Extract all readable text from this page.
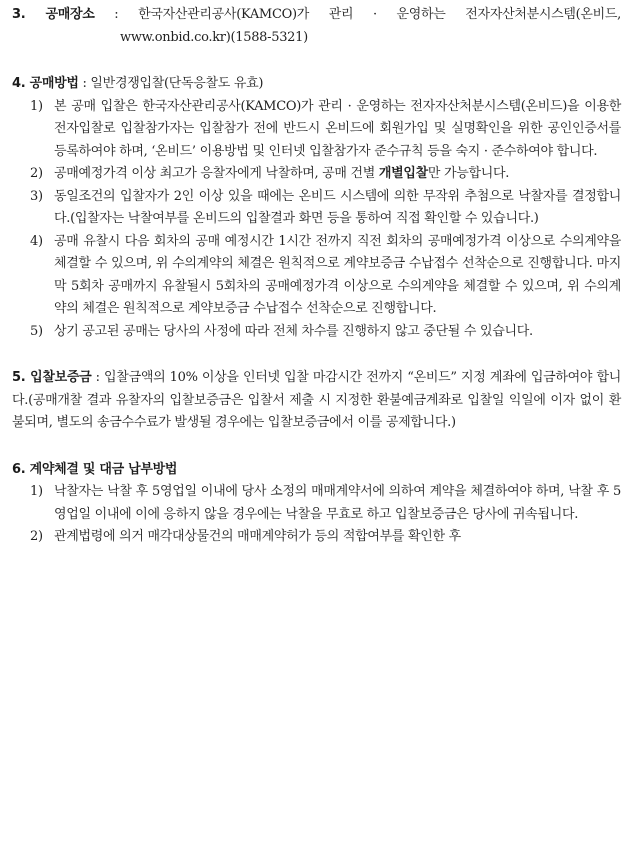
3. 공매장소 : 한국자산관리공사(KAMCO)가 관리 · 운영하는 전자자산처분시스템(온비드, www.onbid.co.kr)(1588-5321)
4. 공매방법 : 일반경쟁입찰(단독응찰도 유효)
1) 본 공매 입찰은 한국자산관리공사(KAMCO)가 관리 · 운영하는 전자자산처분시스템(온비드)을 이용한 전자입찰로 입찰참가자는 입찰참가 전에 반드시 온비드에 회원가입 및 실명확인을 위한 공인인증서를 등록하여야 하며, ‘온비드’ 이용방법 및 인터넷 입찰참가자 준수규칙 등을 숙지 · 준수하여야 합니다.
2) 공매예정가격 이상 최고가 응찰자에게 낙찰하며, 공매 건별 개별입찰만 가능합니다.
3) 동일조건의 입찰자가 2인 이상 있을 때에는 온비드 시스템에 의한 무작위 추첨으로 낙찰자를 결정합니다.(입찰자는 낙찰여부를 온비드의 입찰결과 화면 등을 통하여 직접 확인할 수 있습니다.)
4) 공매 유찰시 다음 회차의 공매 예정시간 1시간 전까지 직전 회차의 공매예정가격 이상으로 수의계약을 체결할 수 있으며, 위 수의계약의 체결은 원칙적으로 계약보증금 수납접수 선착순으로 진행합니다. 마지막 5회차 공매까지 유찰될시 5회차의 공매예정가격 이상으로 수의계약을 체결할 수 있으며, 위 수의계약의 체결은 원칙적으로 계약보증금 수납접수 선착순으로 진행합니다.
5) 상기 공고된 공매는 당사의 사정에 따라 전체 차수를 진행하지 않고 중단될 수 있습니다.
5. 입찰보증금 : 입찰금액의 10% 이상을 인터넷 입찰 마감시간 전까지 “온비드” 지정 계좌에 입금하여야 합니다.(공매개찰 결과 유찰자의 입찰보증금은 입찰서 제출 시 지정한 환불예금계좌로 입찰일 익일에 이자 없이 환불되며, 별도의 송금수수료가 발생될 경우에는 입찰보증금에서 이를 공제합니다.)
6. 계약체결 및 대금 납부방법
1) 낙찰자는 낙찰 후 5영업일 이내에 당사 소정의 매매계약서에 의하여 계약을 체결하여야 하며, 낙찰 후 5영업일 이내에 이에 응하지 않을 경우에는 낙찰을 무효로 하고 입찰보증금은 당사에 귀속됩니다.
2) 관계법령에 의거 매각대상물건의 매매계약허가 등의 적합여부를 확인한 후
